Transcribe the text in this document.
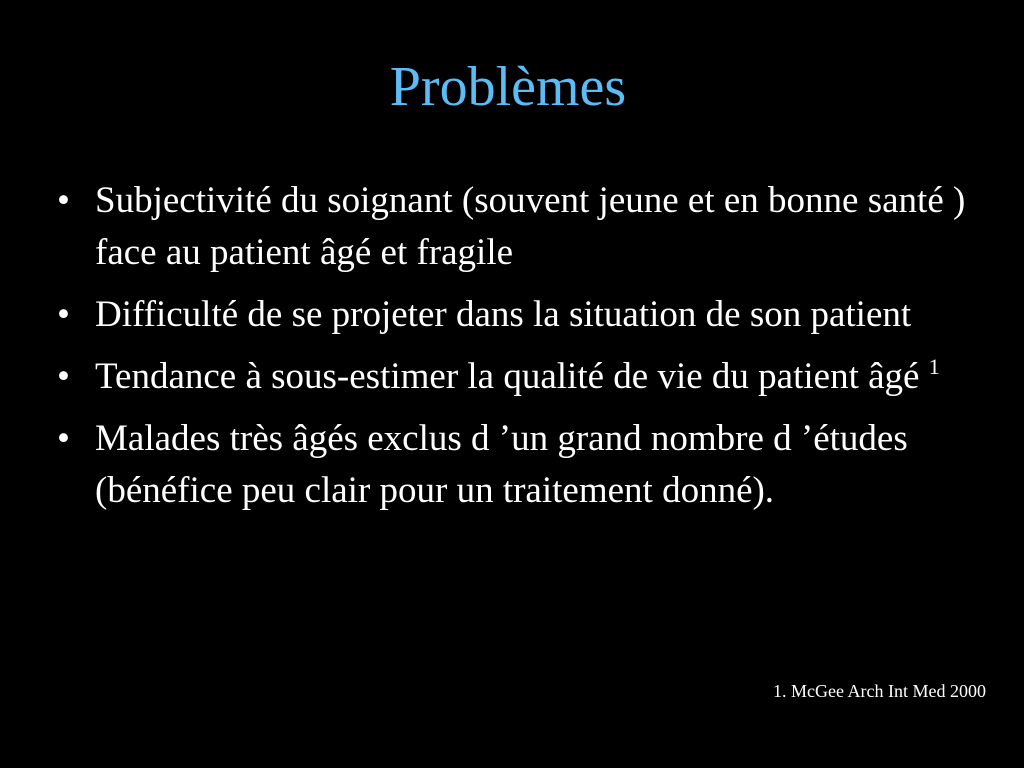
Problèmes
• Subjectivité du soignant (souvent jeune et en bonne santé ) face au patient âgé et fragile
• Difficulté de se projeter dans la situation de son patient
• Tendance à sous-estimer la qualité de vie du patient âgé $^1$
• Malades très âgés exclus d ’un grand nombre d ’études (bénéfice peu clair pour un traitement donné).
1. McGee Arch Int Med 2000
